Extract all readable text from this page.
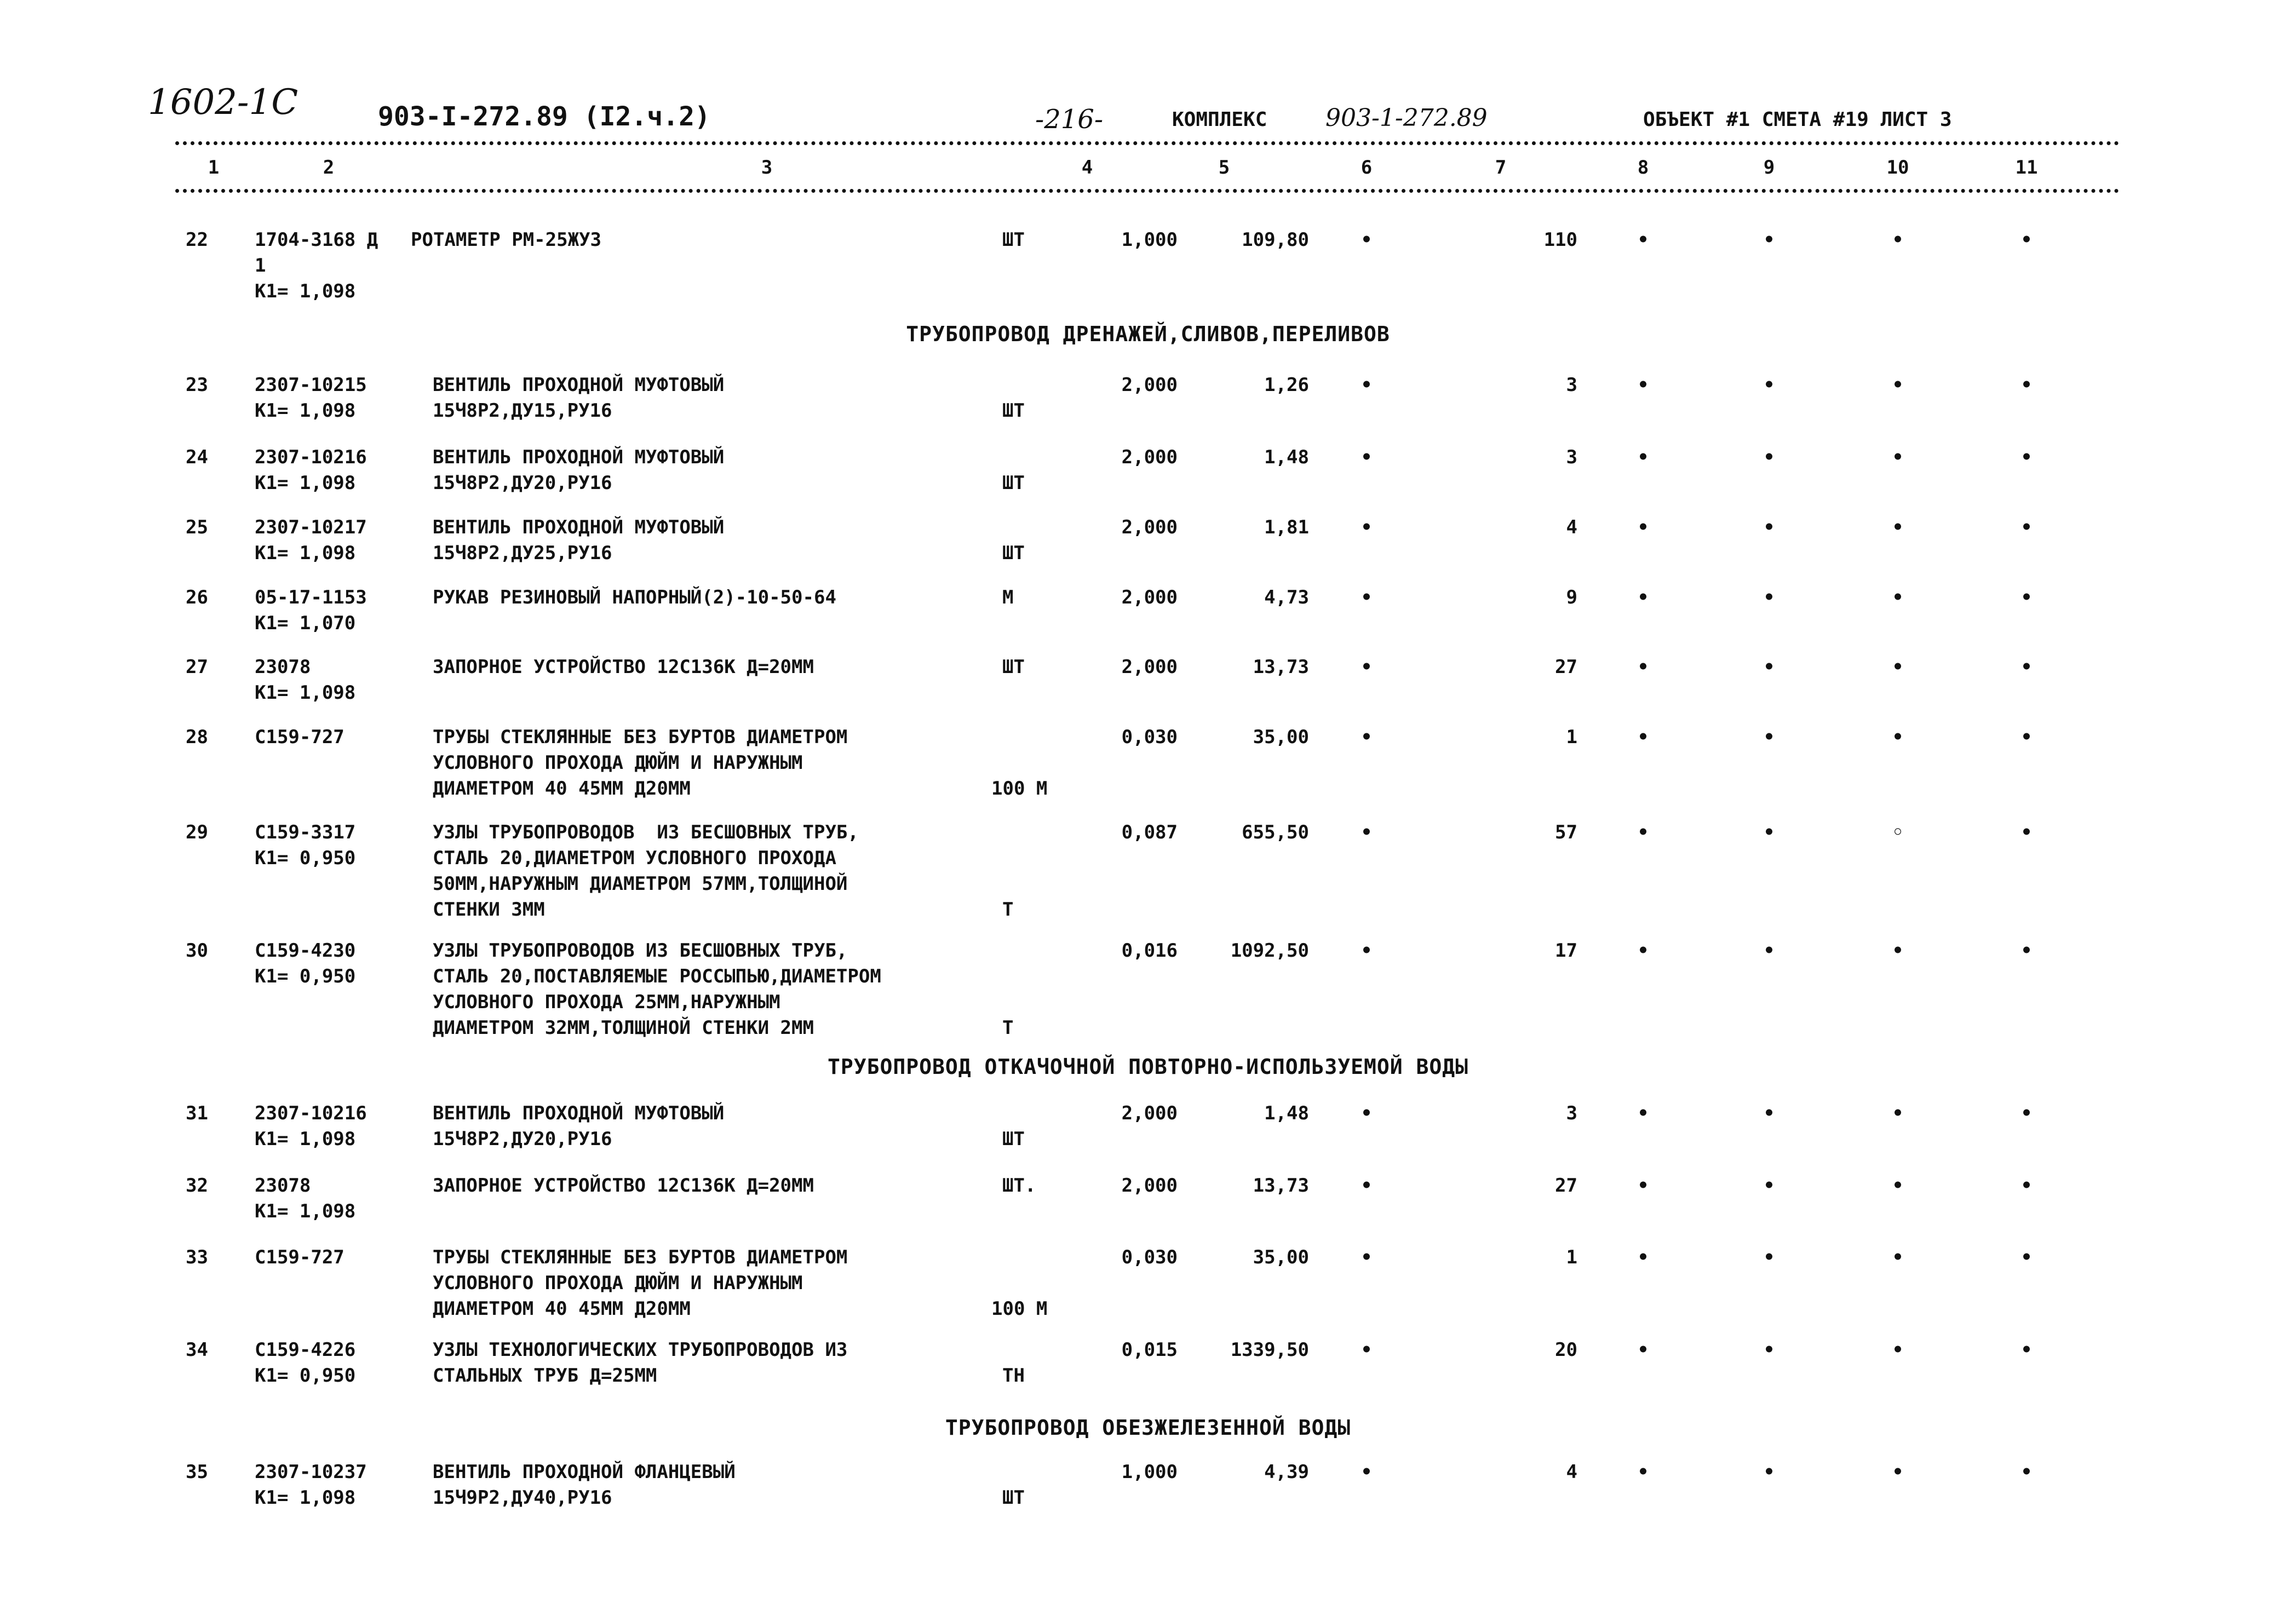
1602-1С	903-I-272.89 (I2.ч.2)	-216-	КОМПЛЕКС 903-1-272.89	ОБЪЕКТ #1 СМЕТА #19 ЛИСТ 3
1	2	3	4	5	6	7	8	9	10	11
ТРУБОПРОВОД ДРЕНАЖЕЙ,СЛИВОВ,ПЕРЕЛИВОВ
ТРУБОПРОВОД ОТКАЧОЧНОЙ ПОВТОРНО-ИСПОЛЬЗУЕМОЙ ВОДЫ
ТРУБОПРОВОД ОБЕЗЖЕЛЕЗЕННОЙ ВОДЫ
22	1704-3168 Д
1
К1= 1,098
РОТАМЕТР РМ-25ЖУ3	ШТ	1,000	109,80	•	110	•	•	•	•
23	2307-10215
К1= 1,098
ВЕНТИЛЬ ПРОХОДНОЙ МУФТОВЫЙ
15Ч8Р2,ДУ15,РУ16	ШТ
2,000	1,26	•	3	•	•	•	•
24	2307-10216
К1= 1,098
ВЕНТИЛЬ ПРОХОДНОЙ МУФТОВЫЙ
15Ч8Р2,ДУ20,РУ16	ШТ
2,000	1,48	•	3	•	•	•	•
25	2307-10217
К1= 1,098
ВЕНТИЛЬ ПРОХОДНОЙ МУФТОВЫЙ
15Ч8Р2,ДУ25,РУ16	ШТ
2,000	1,81	•	4	•	•	•	•
26	05-17-1153
К1= 1,070
РУКАВ РЕЗИНОВЫЙ НАПОРНЫЙ(2)-10-50-64	М	2,000	4,73	•	9	•	•	•	•
27	23078
К1= 1,098
ЗАПОРНОЕ УСТРОЙСТВО 12С136К Д=20ММ	ШТ	2,000	13,73	•	27	•	•	•	•
28	С159-727	ТРУБЫ СТЕКЛЯННЫЕ БЕЗ БУРТОВ ДИАМЕТРОМ
УСЛОВНОГО ПРОХОДА ДЮЙМ И НАРУЖНЫМ
ДИАМЕТРОМ 40 45ММ Д20ММ	100 М
0,030	35,00	•	1	•	•	•	•
29	С159-3317
К1= 0,950
УЗЛЫ ТРУБОПРОВОДОВ  ИЗ БЕСШОВНЫХ ТРУБ,
СТАЛЬ 20,ДИАМЕТРОМ УСЛОВНОГО ПРОХОДА
50ММ,НАРУЖНЫМ ДИАМЕТРОМ 57ММ,ТОЛЩИНОЙ
СТЕНКИ 3ММ	Т
0,087	655,50	•	57	•	•	◦	•
30	С159-4230
К1= 0,950
УЗЛЫ ТРУБОПРОВОДОВ ИЗ БЕСШОВНЫХ ТРУБ,
СТАЛЬ 20,ПОСТАВЛЯЕМЫЕ РОССЫПЬЮ,ДИАМЕТРОМ
УСЛОВНОГО ПРОХОДА 25ММ,НАРУЖНЫМ
ДИАМЕТРОМ 32ММ,ТОЛЩИНОЙ СТЕНКИ 2ММ	Т
0,016	1092,50	•	17	•	•	•	•
31	2307-10216
К1= 1,098
ВЕНТИЛЬ ПРОХОДНОЙ МУФТОВЫЙ
15Ч8Р2,ДУ20,РУ16	ШТ
2,000	1,48	•	3	•	•	•	•
32	23078
К1= 1,098
ЗАПОРНОЕ УСТРОЙСТВО 12С136К Д=20ММ	ШТ.	2,000	13,73	•	27	•	•	•	•
33	С159-727	ТРУБЫ СТЕКЛЯННЫЕ БЕЗ БУРТОВ ДИАМЕТРОМ
УСЛОВНОГО ПРОХОДА ДЮЙМ И НАРУЖНЫМ
ДИАМЕТРОМ 40 45ММ Д20ММ	100 М
0,030	35,00	•	1	•	•	•	•
34	С159-4226
К1= 0,950
УЗЛЫ ТЕХНОЛОГИЧЕСКИХ ТРУБОПРОВОДОВ ИЗ
СТАЛЬНЫХ ТРУБ Д=25ММ	ТН
0,015	1339,50	•	20	•	•	•	•
35	2307-10237
К1= 1,098
ВЕНТИЛЬ ПРОХОДНОЙ ФЛАНЦЕВЫЙ
15Ч9Р2,ДУ40,РУ16	ШТ
1,000	4,39	•	4	•	•	•	•
